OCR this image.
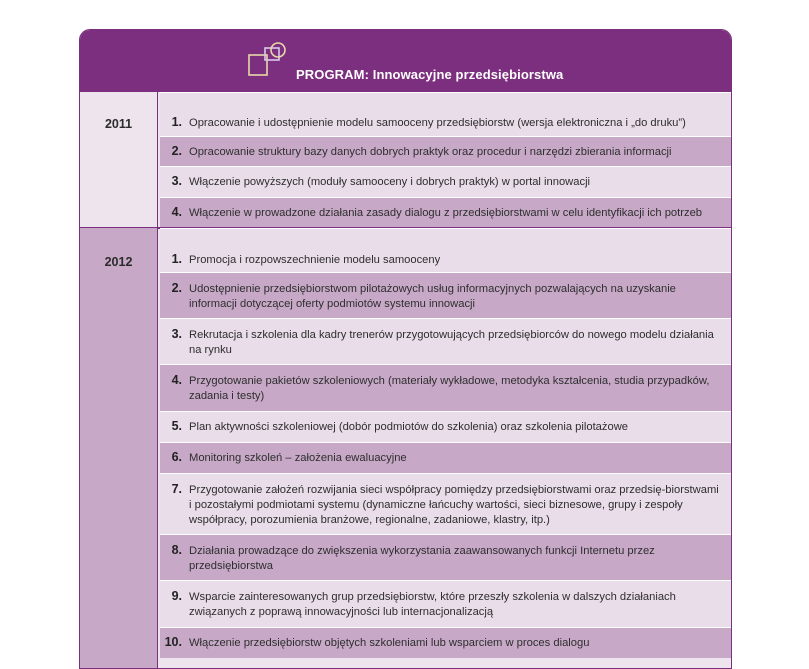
PROGRAM: Innowacyjne przedsiębiorstwa
2011	1. Opracowanie i udostępnienie modelu samooceny przedsiębiorstw (wersja elektroniczna i „do druku”)
2. Opracowanie struktury bazy danych dobrych praktyk oraz procedur i narzędzi zbierania informacji
3. Włączenie powyższych (moduły samooceny i dobrych praktyk) w portal innowacji
4. Włączenie w prowadzone działania zasady dialogu z przedsiębiorstwami w celu identyfikacji ich potrzeb
2012	1. Promocja i rozpowszechnienie modelu samooceny
2. Udostępnienie przedsiębiorstwom pilotażowych usług informacyjnych pozwalających na uzyskanie informacji dotyczącej oferty podmiotów systemu innowacji
3. Rekrutacja i szkolenia dla kadry trenerów przygotowujących przedsiębiorców do nowego modelu działania na rynku
4. Przygotowanie pakietów szkoleniowych (materiały wykładowe, metodyka kształcenia, studia przypadków, zadania i testy)
5. Plan aktywności szkoleniowej (dobór podmiotów do szkolenia) oraz szkolenia pilotażowe
6. Monitoring szkoleń – założenia ewaluacyjne
7. Przygotowanie założeń rozwijania sieci współpracy pomiędzy przedsiębiorstwami oraz przedsię-biorstwami i pozostałymi podmiotami systemu (dynamiczne łańcuchy wartości, sieci biznesowe, grupy i zespoły współpracy, porozumienia branżowe, regionalne, zadaniowe, klastry, itp.)
8. Działania prowadzące do zwiększenia wykorzystania zaawansowanych funkcji Internetu przez przedsiębiorstwa
9. Wsparcie zainteresowanych grup przedsiębiorstw, które przeszły szkolenia w dalszych działaniach związanych z poprawą innowacyjności lub internacjonalizacją
10. Włączenie przedsiębiorstw objętych szkoleniami lub wsparciem w proces dialogu
